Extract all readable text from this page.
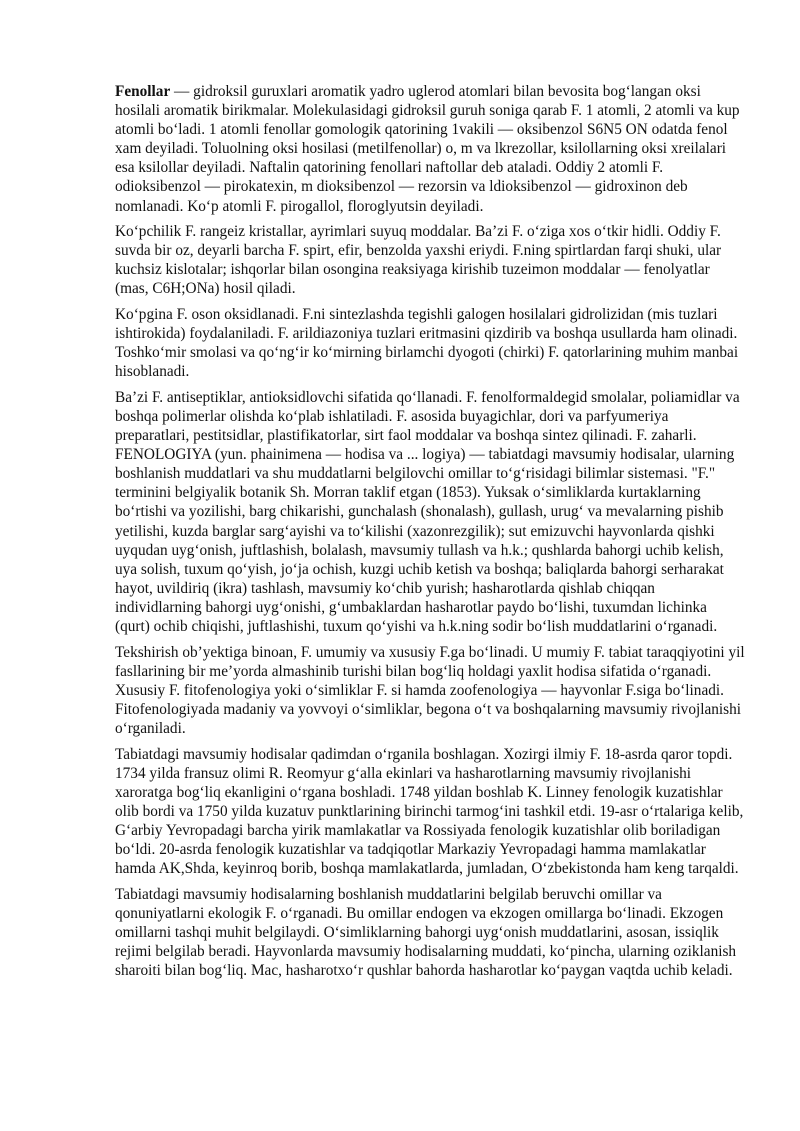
Fenollar — gidroksil guruxlari aromatik yadro uglerod atomlari bilan bevosita bog‘langan oksi hosilali aromatik birikmalar. Molekulasidagi gidroksil guruh soniga qarab F. 1 atomli, 2 atomli va kup atomli bo‘ladi. 1 atomli fenollar gomologik qatorining 1vakili — oksibenzol S6N5 ON odatda fenol xam deyiladi. Toluolning oksi hosilasi (metilfenollar) o, m va lkrezollar, ksilollarning oksi xreilalari esa ksilollar deyiladi. Naftalin qatorining fenollari naftollar deb ataladi. Oddiy 2 atomli F. odioksibenzol — pirokatexin, m dioksibenzol — rezorsin va ldioksibenzol — gidroxinon deb nomlanadi. Ko‘p atomli F. pirogallol, floroglyutsin deyiladi.

Ko‘pchilik F. rangeiz kristallar, ayrimlari suyuq moddalar. Ba’zi F. o‘ziga xos o‘tkir hidli. Oddiy F. suvda bir oz, deyarli barcha F. spirt, efir, benzolda yaxshi eriydi. F.ning spirtlardan farqi shuki, ular kuchsiz kislotalar; ishqorlar bilan osongina reaksiyaga kirishib tuzeimon moddalar — fenolyatlar (mas, C6H;ONa) hosil qiladi.

Ko‘pgina F. oson oksidlanadi. F.ni sintezlashda tegishli galogen hosilalari gidrolizidan (mis tuzlari ishtirokida) foydalaniladi. F. arildiazoniya tuzlari eritmasini qizdirib va boshqa usullarda ham olinadi. Toshko‘mir smolasi va qo‘ng‘ir ko‘mirning birlamchi dyogoti (chirki) F. qatorlarining muhim manbai hisoblanadi.

Ba’zi F. antiseptiklar, antioksidlovchi sifatida qo‘llanadi. F. fenolformaldegid smolalar, poliamidlar va boshqa polimerlar olishda ko‘plab ishlatiladi. F. asosida buyagichlar, dori va parfyumeriya preparatlari, pestitsidlar, plastifikatorlar, sirt faol moddalar va boshqa sintez qilinadi. F. zaharli. FENOLOGIYA (yun. phainimena — hodisa va ... logiya) — tabiatdagi mavsumiy hodisalar, ularning boshlanish muddatlari va shu muddatlarni belgilovchi omillar to‘g‘risidagi bilimlar sistemasi. "F." terminini belgiyalik botanik Sh. Morran taklif etgan (1853). Yuksak o‘simliklarda kurtaklarning bo‘rtishi va yozilishi, barg chikarishi, gunchalash (shonalash), gullash, urug‘ va mevalarning pishib yetilishi, kuzda barglar sarg‘ayishi va to‘kilishi (xazonrezgilik); sut emizuvchi hayvonlarda qishki uyqudan uyg‘onish, juftlashish, bolalash, mavsumiy tullash va h.k.; qushlarda bahorgi uchib kelish, uya solish, tuxum qo‘yish, jo‘ja ochish, kuzgi uchib ketish va boshqa; baliqlarda bahorgi serharakat hayot, uvildiriq (ikra) tashlash, mavsumiy ko‘chib yurish; hasharotlarda qishlab chiqqan individlarning bahorgi uyg‘onishi, g‘umbaklardan hasharotlar paydo bo‘lishi, tuxumdan lichinka (qurt) ochib chiqishi, juftlashishi, tuxum qo‘yishi va h.k.ning sodir bo‘lish muddatlarini o‘rganadi.

Tekshirish ob’yektiga binoan, F. umumiy va xususiy F.ga bo‘linadi. U mumiy F. tabiat taraqqiyotini yil fasllarining bir me’yorda almashinib turishi bilan bog‘liq holdagi yaxlit hodisa sifatida o‘rganadi. Xususiy F. fitofenologiya yoki o‘simliklar F. si hamda zoofenologiya — hayvonlar F.siga bo‘linadi. Fitofenologiyada madaniy va yovvoyi o‘simliklar, begona o‘t va boshqalarning mavsumiy rivojlanishi o‘rganiladi.

Tabiatdagi mavsumiy hodisalar qadimdan o‘rganila boshlagan. Xozirgi ilmiy F. 18-asrda qaror topdi. 1734 yilda fransuz olimi R. Reomyur g‘alla ekinlari va hasharotlarning mavsumiy rivojlanishi xaroratga bog‘liq ekanligini o‘rgana boshladi. 1748 yildan boshlab K. Linney fenologik kuzatishlar olib bordi va 1750 yilda kuzatuv punktlarining birinchi tarmog‘ini tashkil etdi. 19-asr o‘rtalariga kelib, G‘arbiy Yevropadagi barcha yirik mamlakatlar va Rossiyada fenologik kuzatishlar olib boriladigan bo‘ldi. 20-asrda fenologik kuzatishlar va tadqiqotlar Markaziy Yevropadagi hamma mamlakatlar hamda AK,Shda, keyinroq borib, boshqa mamlakatlarda, jumladan, O‘zbekistonda ham keng tarqaldi.

Tabiatdagi mavsumiy hodisalarning boshlanish muddatlarini belgilab beruvchi omillar va qonuniyatlarni ekologik F. o‘rganadi. Bu omillar endogen va ekzogen omillarga bo‘linadi. Ekzogen omillarni tashqi muhit belgilaydi. O‘simliklarning bahorgi uyg‘onish muddatlarini, asosan, issiqlik rejimi belgilab beradi. Hayvonlarda mavsumiy hodisalarning muddati, ko‘pincha, ularning oziklanish sharoiti bilan bog‘liq. Mac, hasharotxo‘r qushlar bahorda hasharotlar ko‘paygan vaqtda uchib keladi.
